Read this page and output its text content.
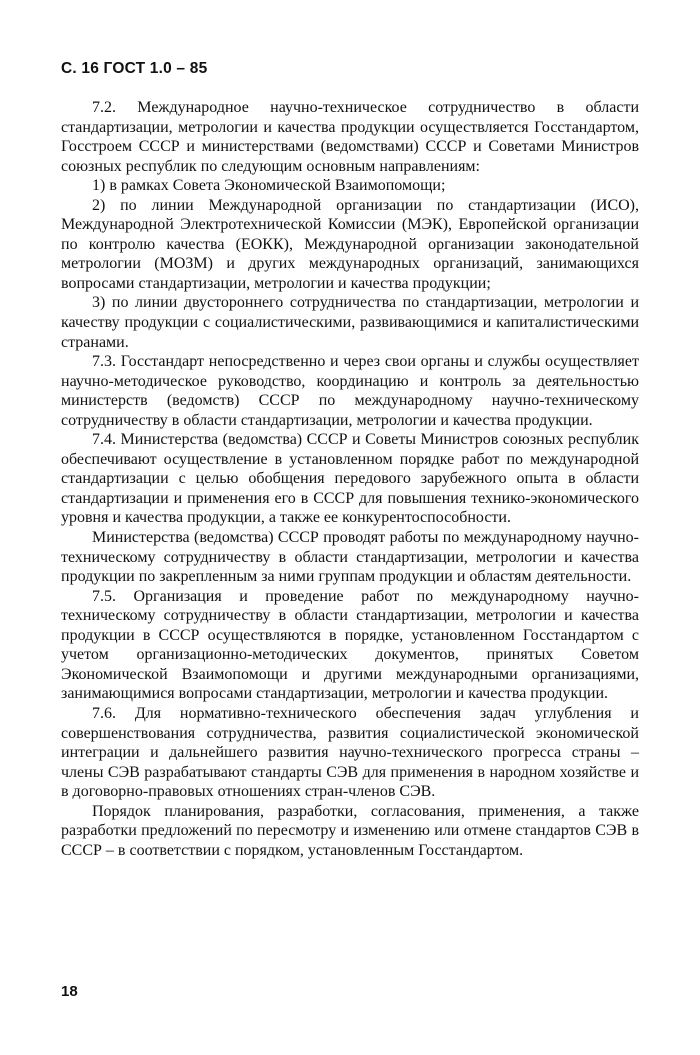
С. 16 ГОСТ 1.0 – 85

7.2. Международное научно-техническое сотрудничество в области стандартизации, метрологии и качества продукции осуществляется Госстандартом, Госстроем СССР и министерствами (ведомствами) СССР и Советами Министров союзных республик по следующим основным направлениям:

1) в рамках Совета Экономической Взаимопомощи;

2) по линии Международной организации по стандартизации (ИСО), Международной Электротехнической Комиссии (МЭК), Европейской организации по контролю качества (ЕОКК), Международной организации законодательной метрологии (МОЗМ) и других международных организаций, занимающихся вопросами стандартизации, метрологии и качества продукции;

3) по линии двустороннего сотрудничества по стандартизации, метрологии и качеству продукции с социалистическими, развивающимися и капиталистическими странами.

7.3. Госстандарт непосредственно и через свои органы и службы осуществляет научно-методическое руководство, координацию и контроль за деятельностью министерств (ведомств) СССР по международному научно-техническому сотрудничеству в области стандартизации, метрологии и качества продукции.

7.4. Министерства (ведомства) СССР и Советы Министров союзных республик обеспечивают осуществление в установленном порядке работ по международной стандартизации с целью обобщения передового зарубежного опыта в области стандартизации и применения его в СССР для повышения технико-экономического уровня и качества продукции, а также ее конкурентоспособности.

Министерства (ведомства) СССР проводят работы по международному научно-техническому сотрудничеству в области стандартизации, метрологии и качества продукции по закрепленным за ними группам продукции и областям деятельности.

7.5. Организация и проведение работ по международному научно-техническому сотрудничеству в области стандартизации, метрологии и качества продукции в СССР осуществляются в порядке, установленном Госстандартом с учетом организационно-методических документов, принятых Советом Экономической Взаимопомощи и другими международными организациями, занимающимися вопросами стандартизации, метрологии и качества продукции.

7.6. Для нормативно-технического обеспечения задач углубления и совершенствования сотрудничества, развития социалистической экономической интеграции и дальнейшего развития научно-технического прогресса страны – члены СЭВ разрабатывают стандарты СЭВ для применения в народном хозяйстве и в договорно-правовых отношениях стран-членов СЭВ.

Порядок планирования, разработки, согласования, применения, а также разработки предложений по пересмотру и изменению или отмене стандартов СЭВ в СССР – в соответствии с порядком, установленным Госстандартом.

18
